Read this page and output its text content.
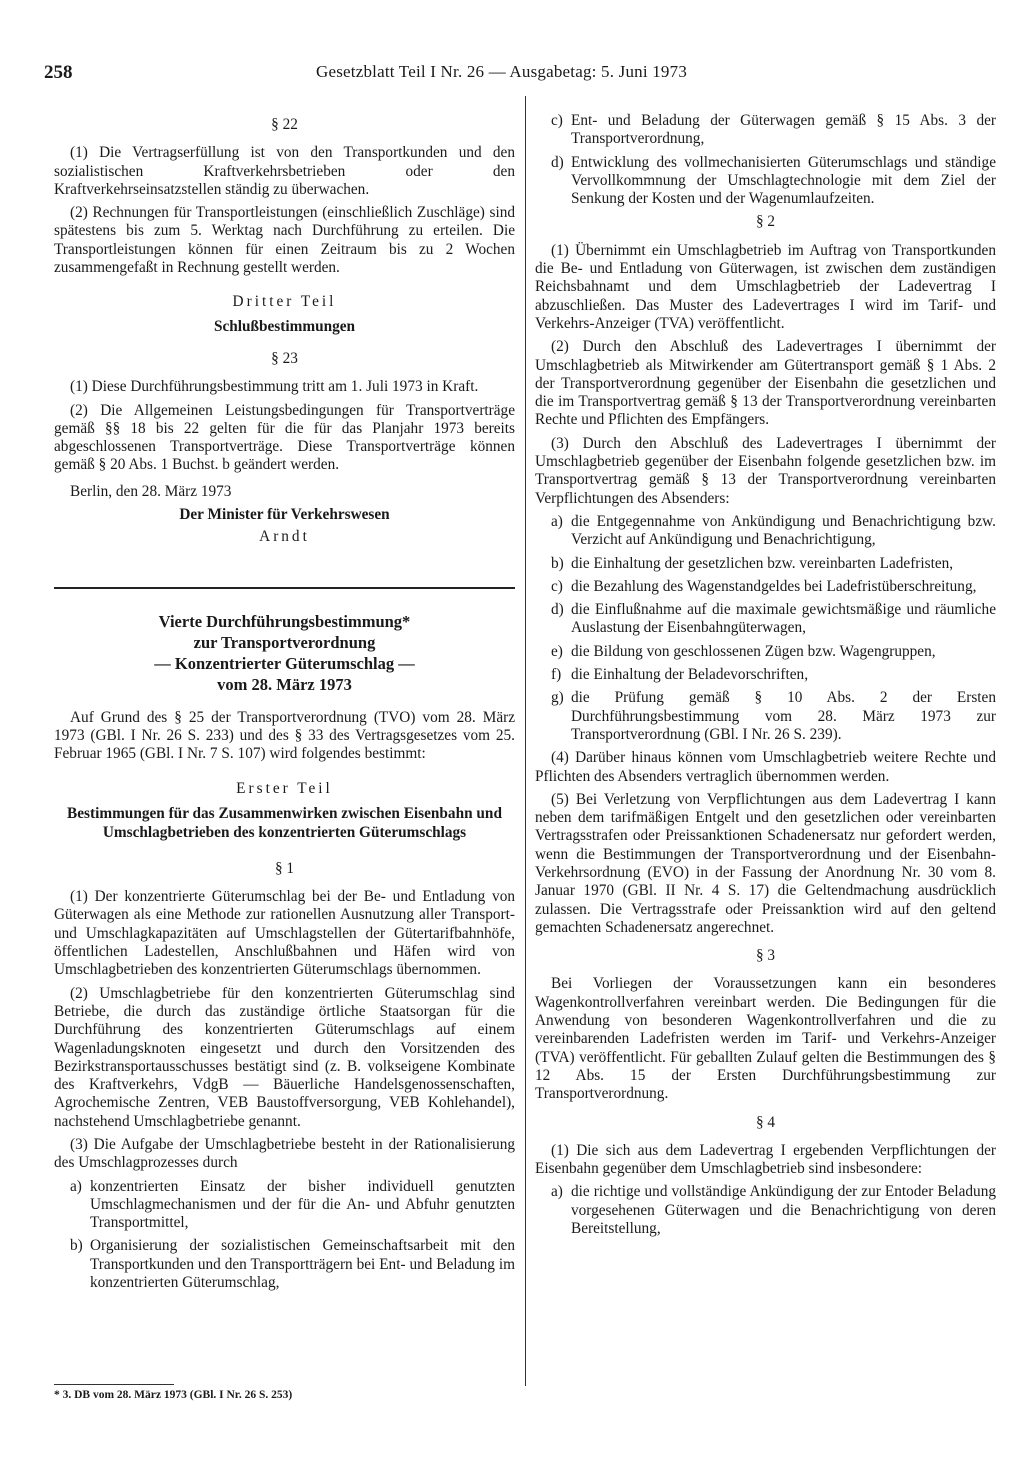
258	Gesetzblatt Teil I Nr. 26 — Ausgabetag: 5. Juni 1973
§ 22

(1) Die Vertragserfüllung ist von den Transportkunden und den sozialistischen Kraftverkehrsbetrieben oder den Kraftverkehrseinsatzstellen ständig zu überwachen.

(2) Rechnungen für Transportleistungen (einschließlich Zuschläge) sind spätestens bis zum 5. Werktag nach Durchführung zu erteilen. Die Transportleistungen können für einen Zeitraum bis zu 2 Wochen zusammengefaßt in Rechnung gestellt werden.

Dritter Teil
Schlußbestimmungen
§ 23

(1) Diese Durchführungsbestimmung tritt am 1. Juli 1973 in Kraft.

(2) Die Allgemeinen Leistungsbedingungen für Transportverträge gemäß §§ 18 bis 22 gelten für die für das Planjahr 1973 bereits abgeschlossenen Transportverträge. Diese Transportverträge können gemäß § 20 Abs. 1 Buchst. b geändert werden.

Berlin, den 28. März 1973

Der Minister für Verkehrswesen
Arndt
Vierte Durchführungsbestimmung*
zur Transportverordnung
— Konzentrierter Güterumschlag —
vom 28. März 1973

Auf Grund des § 25 der Transportverordnung (TVO) vom 28. März 1973 (GBl. I Nr. 26 S. 233) und des § 33 des Vertragsgesetzes vom 25. Februar 1965 (GBl. I Nr. 7 S. 107) wird folgendes bestimmt:

Erster Teil
Bestimmungen für das Zusammenwirken zwischen Eisenbahn und Umschlagbetrieben des konzentrierten Güterumschlags
§ 1

(1) Der konzentrierte Güterumschlag bei der Be- und Entladung von Güterwagen als eine Methode zur rationellen Ausnutzung aller Transport- und Umschlagkapazitäten auf Umschlagstellen der Gütertarifbahnhöfe, öffentlichen Ladestellen, Anschlußbahnen und Häfen wird von Umschlagbetrieben des konzentrierten Güterumschlags übernommen.

(2) Umschlagbetriebe für den konzentrierten Güterumschlag sind Betriebe, die durch das zuständige örtliche Staatsorgan für die Durchführung des konzentrierten Güterumschlags auf einem Wagenladungsknoten eingesetzt und durch den Vorsitzenden des Bezirkstransportausschusses bestätigt sind (z. B. volkseigene Kombinate des Kraftverkehrs, VdgB — Bäuerliche Handelsgenossenschaften, Agrochemische Zentren, VEB Baustoffversorgung, VEB Kohlehandel), nachstehend Umschlagbetriebe genannt.

(3) Die Aufgabe der Umschlagbetriebe besteht in der Rationalisierung des Umschlagprozesses durch

a) konzentrierten Einsatz der bisher individuell genutzten Umschlagmechanismen und der für die An- und Abfuhr genutzten Transportmittel,
b) Organisierung der sozialistischen Gemeinschaftsarbeit mit den Transportkunden und den Transportträgern bei Ent- und Beladung im konzentrierten Güterumschlag,
* 3. DB vom 28. März 1973 (GBl. I Nr. 26 S. 253)
c) Ent- und Beladung der Güterwagen gemäß § 15 Abs. 3 der Transportverordnung,
d) Entwicklung des vollmechanisierten Güterumschlags und ständige Vervollkommnung der Umschlagtechnologie mit dem Ziel der Senkung der Kosten und der Wagenumlaufzeiten.
§ 2

(1) Übernimmt ein Umschlagbetrieb im Auftrag von Transportkunden die Be- und Entladung von Güterwagen, ist zwischen dem zuständigen Reichsbahnamt und dem Umschlagbetrieb der Ladevertrag I abzuschließen. Das Muster des Ladevertrages I wird im Tarif- und Verkehrs-Anzeiger (TVA) veröffentlicht.

(2) Durch den Abschluß des Ladevertrages I übernimmt der Umschlagbetrieb als Mitwirkender am Gütertransport gemäß § 1 Abs. 2 der Transportverordnung gegenüber der Eisenbahn die gesetzlichen und die im Transportvertrag gemäß § 13 der Transportverordnung vereinbarten Rechte und Pflichten des Empfängers.

(3) Durch den Abschluß des Ladevertrages I übernimmt der Umschlagbetrieb gegenüber der Eisenbahn folgende gesetzlichen bzw. im Transportvertrag gemäß § 13 der Transportverordnung vereinbarten Verpflichtungen des Absenders:

a) die Entgegennahme von Ankündigung und Benachrichtigung bzw. Verzicht auf Ankündigung und Benachrichtigung,
b) die Einhaltung der gesetzlichen bzw. vereinbarten Ladefristen,
c) die Bezahlung des Wagenstandgeldes bei Ladefristüberschreitung,
d) die Einflußnahme auf die maximale gewichtsmäßige und räumliche Auslastung der Eisenbahngüterwagen,
e) die Bildung von geschlossenen Zügen bzw. Wagengruppen,
f) die Einhaltung der Beladevorschriften,
g) die Prüfung gemäß § 10 Abs. 2 der Ersten Durchführungsbestimmung vom 28. März 1973 zur Transportverordnung (GBl. I Nr. 26 S. 239).

(4) Darüber hinaus können vom Umschlagbetrieb weitere Rechte und Pflichten des Absenders vertraglich übernommen werden.

(5) Bei Verletzung von Verpflichtungen aus dem Ladevertrag I kann neben dem tarifmäßigen Entgelt und den gesetzlichen oder vereinbarten Vertragsstrafen oder Preissanktionen Schadenersatz nur gefordert werden, wenn die Bestimmungen der Transportverordnung und der Eisenbahn-Verkehrsordnung (EVO) in der Fassung der Anordnung Nr. 30 vom 8. Januar 1970 (GBl. II Nr. 4 S. 17) die Geltendmachung ausdrücklich zulassen. Die Vertragsstrafe oder Preissanktion wird auf den geltend gemachten Schadenersatz angerechnet.

§ 3

Bei Vorliegen der Voraussetzungen kann ein besonderes Wagenkontrollverfahren vereinbart werden. Die Bedingungen für die Anwendung von besonderen Wagenkontrollverfahren und die zu vereinbarenden Ladefristen werden im Tarif- und Verkehrs-Anzeiger (TVA) veröffentlicht. Für geballten Zulauf gelten die Bestimmungen des § 12 Abs. 15 der Ersten Durchführungsbestimmung zur Transportverordnung.

§ 4

(1) Die sich aus dem Ladevertrag I ergebenden Verpflichtungen der Eisenbahn gegenüber dem Umschlagbetrieb sind insbesondere:

a) die richtige und vollständige Ankündigung der zur Entoder Beladung vorgesehenen Güterwagen und die Benachrichtigung von deren Bereitstellung,
